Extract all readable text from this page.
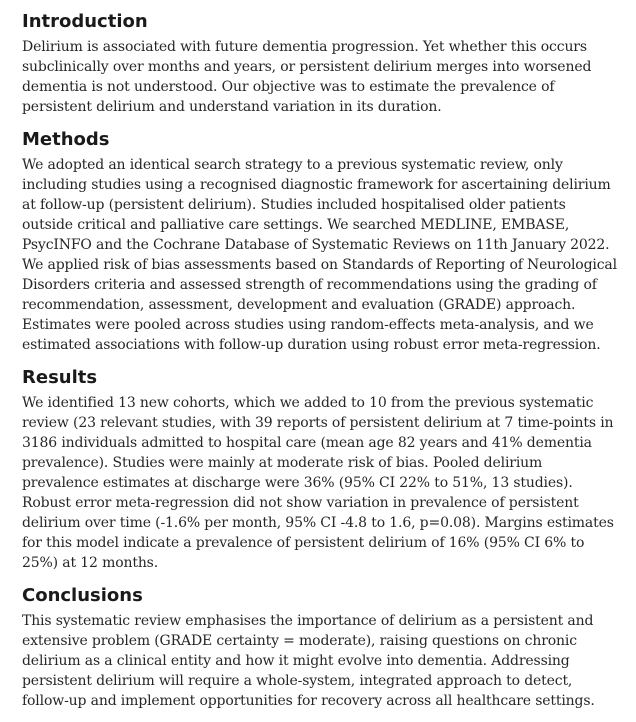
Introduction

Delirium is associated with future dementia progression. Yet whether this occurs subclinically over months and years, or persistent delirium merges into worsened dementia is not understood. Our objective was to estimate the prevalence of persistent delirium and understand variation in its duration.

Methods

We adopted an identical search strategy to a previous systematic review, only including studies using a recognised diagnostic framework for ascertaining delirium at follow-up (persistent delirium). Studies included hospitalised older patients outside critical and palliative care settings. We searched MEDLINE, EMBASE, PsycINFO and the Cochrane Database of Systematic Reviews on 11th January 2022. We applied risk of bias assessments based on Standards of Reporting of Neurological Disorders criteria and assessed strength of recommendations using the grading of recommendation, assessment, development and evaluation (GRADE) approach. Estimates were pooled across studies using random-effects meta-analysis, and we estimated associations with follow-up duration using robust error meta-regression.

Results

We identified 13 new cohorts, which we added to 10 from the previous systematic review (23 relevant studies, with 39 reports of persistent delirium at 7 time-points in 3186 individuals admitted to hospital care (mean age 82 years and 41% dementia prevalence). Studies were mainly at moderate risk of bias. Pooled delirium prevalence estimates at discharge were 36% (95% CI 22% to 51%, 13 studies). Robust error meta-regression did not show variation in prevalence of persistent delirium over time (-1.6% per month, 95% CI -4.8 to 1.6, p=0.08). Margins estimates for this model indicate a prevalence of persistent delirium of 16% (95% CI 6% to 25%) at 12 months.

Conclusions

This systematic review emphasises the importance of delirium as a persistent and extensive problem (GRADE certainty = moderate), raising questions on chronic delirium as a clinical entity and how it might evolve into dementia. Addressing persistent delirium will require a whole-system, integrated approach to detect, follow-up and implement opportunities for recovery across all healthcare settings.
